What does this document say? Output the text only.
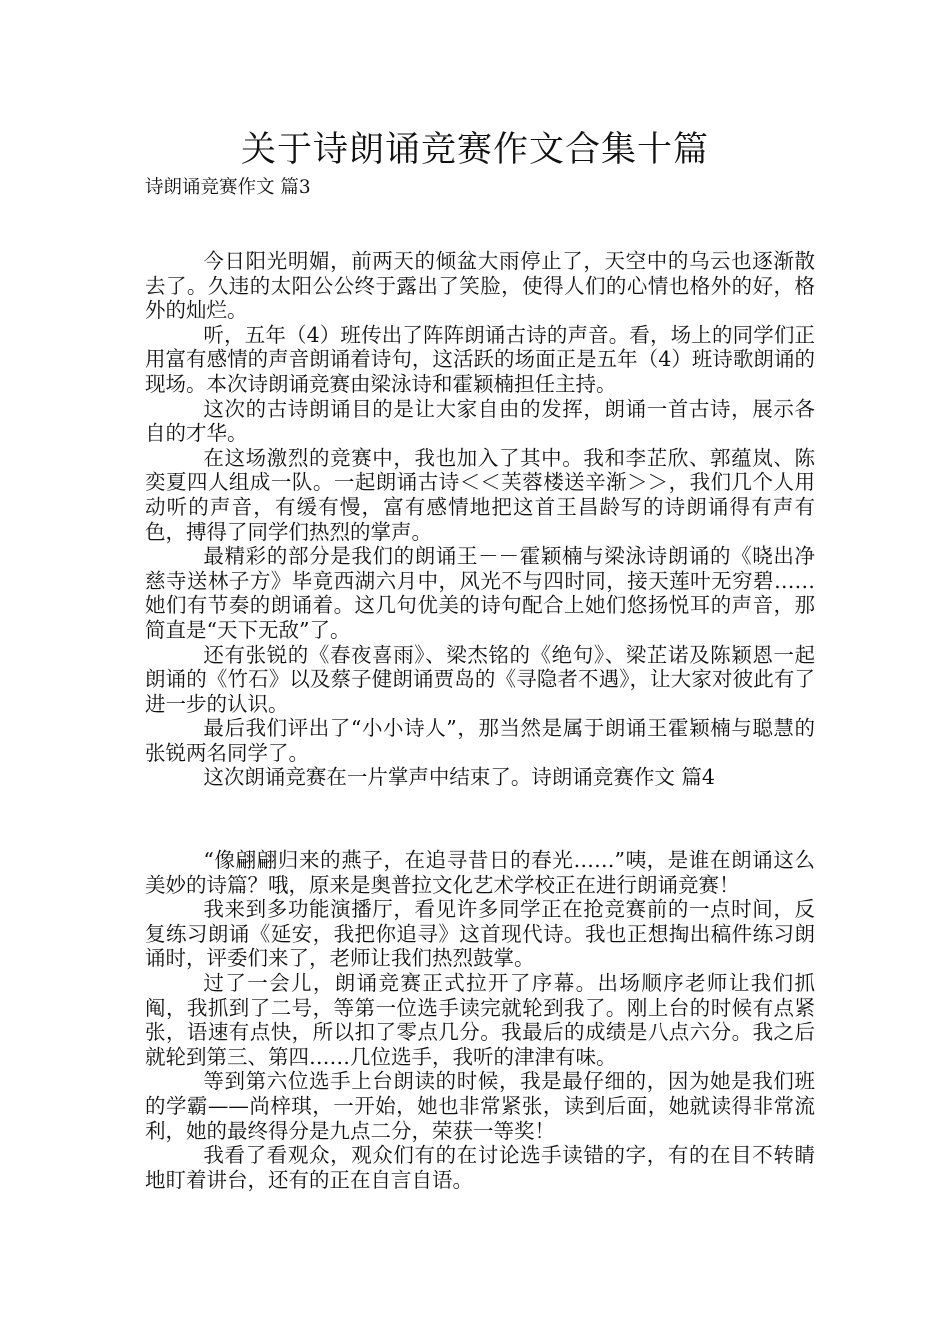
关于诗朗诵竞赛作文合集十篇
诗朗诵竞赛作文 篇3

今日阳光明媚，前两天的倾盆大雨停止了，天空中的乌云也逐渐散去了。久违的太阳公公终于露出了笑脸，使得人们的心情也格外的好，格外的灿烂。

听，五年（4）班传出了阵阵朗诵古诗的声音。看，场上的同学们正用富有感情的声音朗诵着诗句，这活跃的场面正是五年（4）班诗歌朗诵的现场。本次诗朗诵竞赛由梁泳诗和霍颖楠担任主持。

这次的古诗朗诵目的是让大家自由的发挥，朗诵一首古诗，展示各自的才华。

在这场激烈的竞赛中，我也加入了其中。我和李芷欣、郭蕴岚、陈奕夏四人组成一队。一起朗诵古诗＜＜芙蓉楼送辛渐＞＞，我们几个人用动听的声音，有缓有慢，富有感情地把这首王昌龄写的诗朗诵得有声有色，搏得了同学们热烈的掌声。

最精彩的部分是我们的朗诵王－－霍颖楠与梁泳诗朗诵的《晓出净慈寺送林子方》毕竟西湖六月中，风光不与四时同，接天莲叶无穷碧……她们有节奏的朗诵着。这几句优美的诗句配合上她们悠扬悦耳的声音，那简直是“天下无敌”了。

还有张锐的《春夜喜雨》、梁杰铭的《绝句》、梁芷诺及陈颖恩一起朗诵的《竹石》以及蔡子健朗诵贾岛的《寻隐者不遇》，让大家对彼此有了进一步的认识。

最后我们评出了“小小诗人”，那当然是属于朗诵王霍颖楠与聪慧的张锐两名同学了。

这次朗诵竞赛在一片掌声中结束了。诗朗诵竞赛作文 篇4

“像翩翩归来的燕子，在追寻昔日的春光……”咦，是谁在朗诵这么美妙的诗篇？哦，原来是奥普拉文化艺术学校正在进行朗诵竞赛！

我来到多功能演播厅，看见许多同学正在抢竞赛前的一点时间，反复练习朗诵《延安，我把你追寻》这首现代诗。我也正想掏出稿件练习朗诵时，评委们来了，老师让我们热烈鼓掌。

过了一会儿，朗诵竞赛正式拉开了序幕。出场顺序老师让我们抓阄，我抓到了二号，等第一位选手读完就轮到我了。刚上台的时候有点紧张，语速有点快，所以扣了零点几分。我最后的成绩是八点六分。我之后就轮到第三、第四……几位选手，我听的津津有味。

等到第六位选手上台朗读的时候，我是最仔细的，因为她是我们班的学霸——尚梓琪，一开始，她也非常紧张，读到后面，她就读得非常流利，她的最终得分是九点二分，荣获一等奖！

我看了看观众，观众们有的在讨论选手读错的字，有的在目不转睛地盯着讲台，还有的正在自言自语。
